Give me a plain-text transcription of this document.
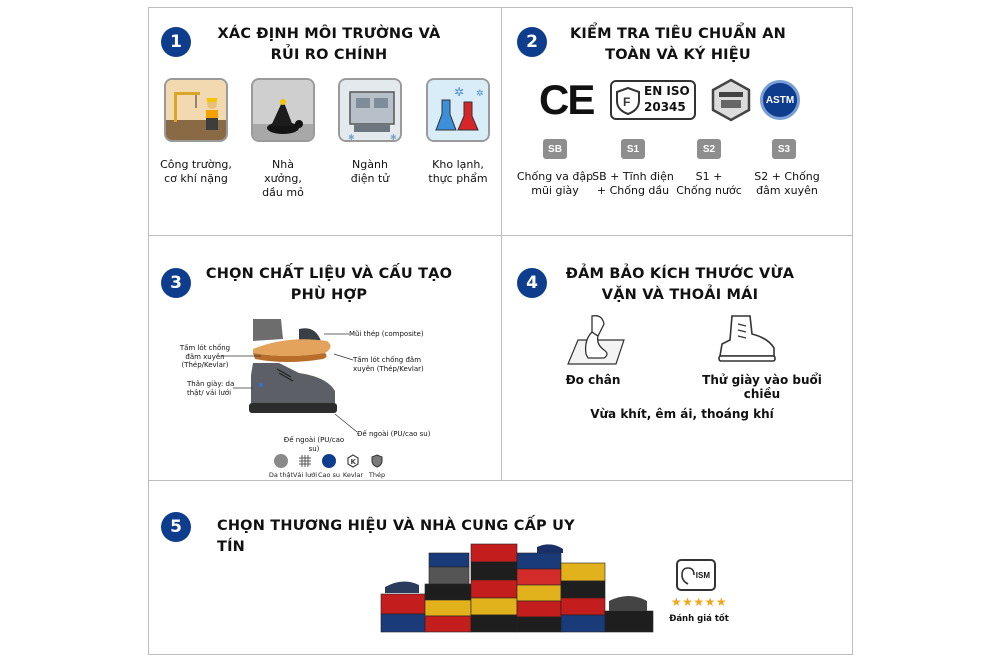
1	XÁC ĐỊNH MÔI TRƯỜNG VÀ
RỦI RO CHÍNH
✱	✱
✲ ✲
Công trường,
cơ khí nặng
Nhà
xưởng,
dầu mỏ
Ngành
điện tử
Kho lạnh,
thực phẩm
2	KIỂM TRA TIÊU CHUẨN AN
TOÀN VÀ KÝ HIỆU
CE	F
EN ISO
20345	ASTM
SB	S1	S2	S3
Chống va đập
mũi giày
SB + Tĩnh điện
+ Chống dầu
S1 +
Chống nước
S2 + Chống
đâm xuyên
3	CHỌN CHẤT LIỆU VÀ CẤU TẠO
PHÙ HỢP
Tấm lót chống
đâm xuyên
(Thép/Kevlar)
Mũi thép (composite)
Tấm lót chống đâm
xuyên (Thép/Kevlar)
Thân giày: da
thật/ vải lưới
Đế ngoài (PU/cao su)
Đế ngoài (PU/cao
su)
Da thật Vải lưới Cao su
K
Kevlar Thép
4	ĐẢM BẢO KÍCH THƯỚC VỪA
VẶN VÀ THOẢI MÁI
Đo chân	Thử giày vào buổi chiều
Vừa khít, êm ái, thoáng khí
5	CHỌN THƯƠNG HIỆU VÀ NHÀ CUNG CẤP UY TÍN
ISM
★★★★★
Đánh giá tốt
